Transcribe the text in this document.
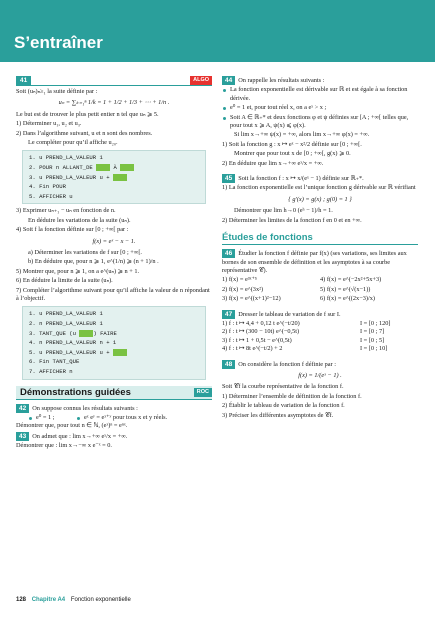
S’entraîner
41	ALGO

Soit (uₙ)ₙ≥₁ la suite définie par :

uₙ = ∑ₖ₌₁ⁿ 1/k = 1 + 1/2 + 1/3 + ⋯ + 1/n .

Le but est de trouver le plus petit entier n tel que uₙ ⩾ 5.

1) Déterminer u₁, u₂ et u₃.

2) Dans l’algorithme suivant, u et n sont des nombres.

Le compléter pour qu’il affiche u₂₀.

1. u PREND_LA_VALEUR 1
2. POUR n ALLANT_DE	À
3. u PREND_LA_VALEUR u +
4. Fin POUR
5. AFFICHER u

3) Exprimer uₙ₊₁ − uₙ en fonction de n.

En déduire les variations de la suite (uₙ).

4) Soit f la fonction définie sur [0 ; +∞[ par :

f(x) = eˣ − x − 1.

a) Déterminer les variations de f sur [0 ; +∞[.

b) En déduire que, pour n ⩾ 1, e^(1/n) ⩾ (n + 1)/n .

5) Montrer que, pour n ⩾ 1, on a e^(uₙ) ⩾ n + 1.

6) En déduire la limite de la suite (uₙ).

7) Compléter l’algorithme suivant pour qu’il affiche la valeur de n répondant à l’objectif.

1. u PREND_LA_VALEUR 1
2. n PREND_LA_VALEUR 1
3. TANT_QUE (u	) FAIRE
4. n PREND_LA_VALEUR n + 1
5. u PREND_LA_VALEUR u +
6. Fin TANT_QUE
7. AFFICHER n
Démonstrations guidées	ROC

42 On suppose connus les résultats suivants :

e⁰ = 1 ;	eˣ eʸ = eˣ⁺ʸ pour tous x et y réels.

Démontrer que, pour tout n ∈ ℕ, (eˣ)ⁿ = eⁿˣ.

43 On admet que : lim x→+∞ eˣ/x = +∞.

Démontrer que : lim x→−∞ x e⁻ˣ = 0.

44 On rappelle les résultats suivants :

La fonction exponentielle est dérivable sur ℝ et est égale à sa fonction dérivée.

e⁰ = 1 et, pour tout réel x, on a eˣ > x ;

Soit A ∈ ℝ₊* et deux fonctions φ et ψ définies sur [A ; +∞[ telles que, pour tout x ⩾ A, ψ(x) ⩽ φ(x).

Si lim x→+∞ ψ(x) = +∞, alors lim x→+∞ φ(x) = +∞.

1) Soit la fonction g : x ↦ eˣ − x²/2 définie sur [0 ; +∞[.

Montrer que pour tout x de [0 ; +∞[, g(x) ⩾ 0.

2) En déduire que lim x→+∞ eˣ/x = +∞.

45 Soit la fonction f : x ↦ x/(eˣ − 1) définie sur ℝ₊*.

1) La fonction exponentielle est l’unique fonction g dérivable sur ℝ vérifiant

{ g′(x) = g(x) ; g(0) = 1 }

Démontrer que lim h→0 (eʰ − 1)/h = 1.

2) Déterminer les limites de la fonction f en 0 et en +∞.

Études de fonctions

46 Étudier la fonction f définie par f(x) (ses variations, ses limites aux bornes de son ensemble de définition et les asymptotes à sa courbe représentative 𝒞).

1) f(x) = e³ˣ⁺⁵

2) f(x) = e^(3x²)

3) f(x) = e^((x+1)²−12)

4) f(x) = e^(−2x²+5x+3)

5) f(x) = e^(√(x−1))

6) f(x) = e^((2x−3)/x)

47 Dresser le tableau de variation de f sur I.

1) f : t ↦ 4,4 + 0,12 t e^(−t/20)	I = [0 ; 120]
2) f : t ↦ (300 − 10t) e^(−0,5t)	I = [0 ; 7]
3) f : t ↦ 1 + 0,5t − e^(0,5t)	I = [0 ; 5]
4) f : t ↦ 8t e^(−t/2) + 2	I = [0 ; 10]

48 On considère la fonction f définie par :

f(x) = 1/(eˣ − 1) .

Soit 𝒞f la courbe représentative de la fonction f.

1) Déterminer l’ensemble de définition de la fonction f.

2) Établir le tableau de variation de la fonction f.

3) Préciser les différentes asymptotes de 𝒞f.

128 Chapitre A4 Fonction exponentielle
